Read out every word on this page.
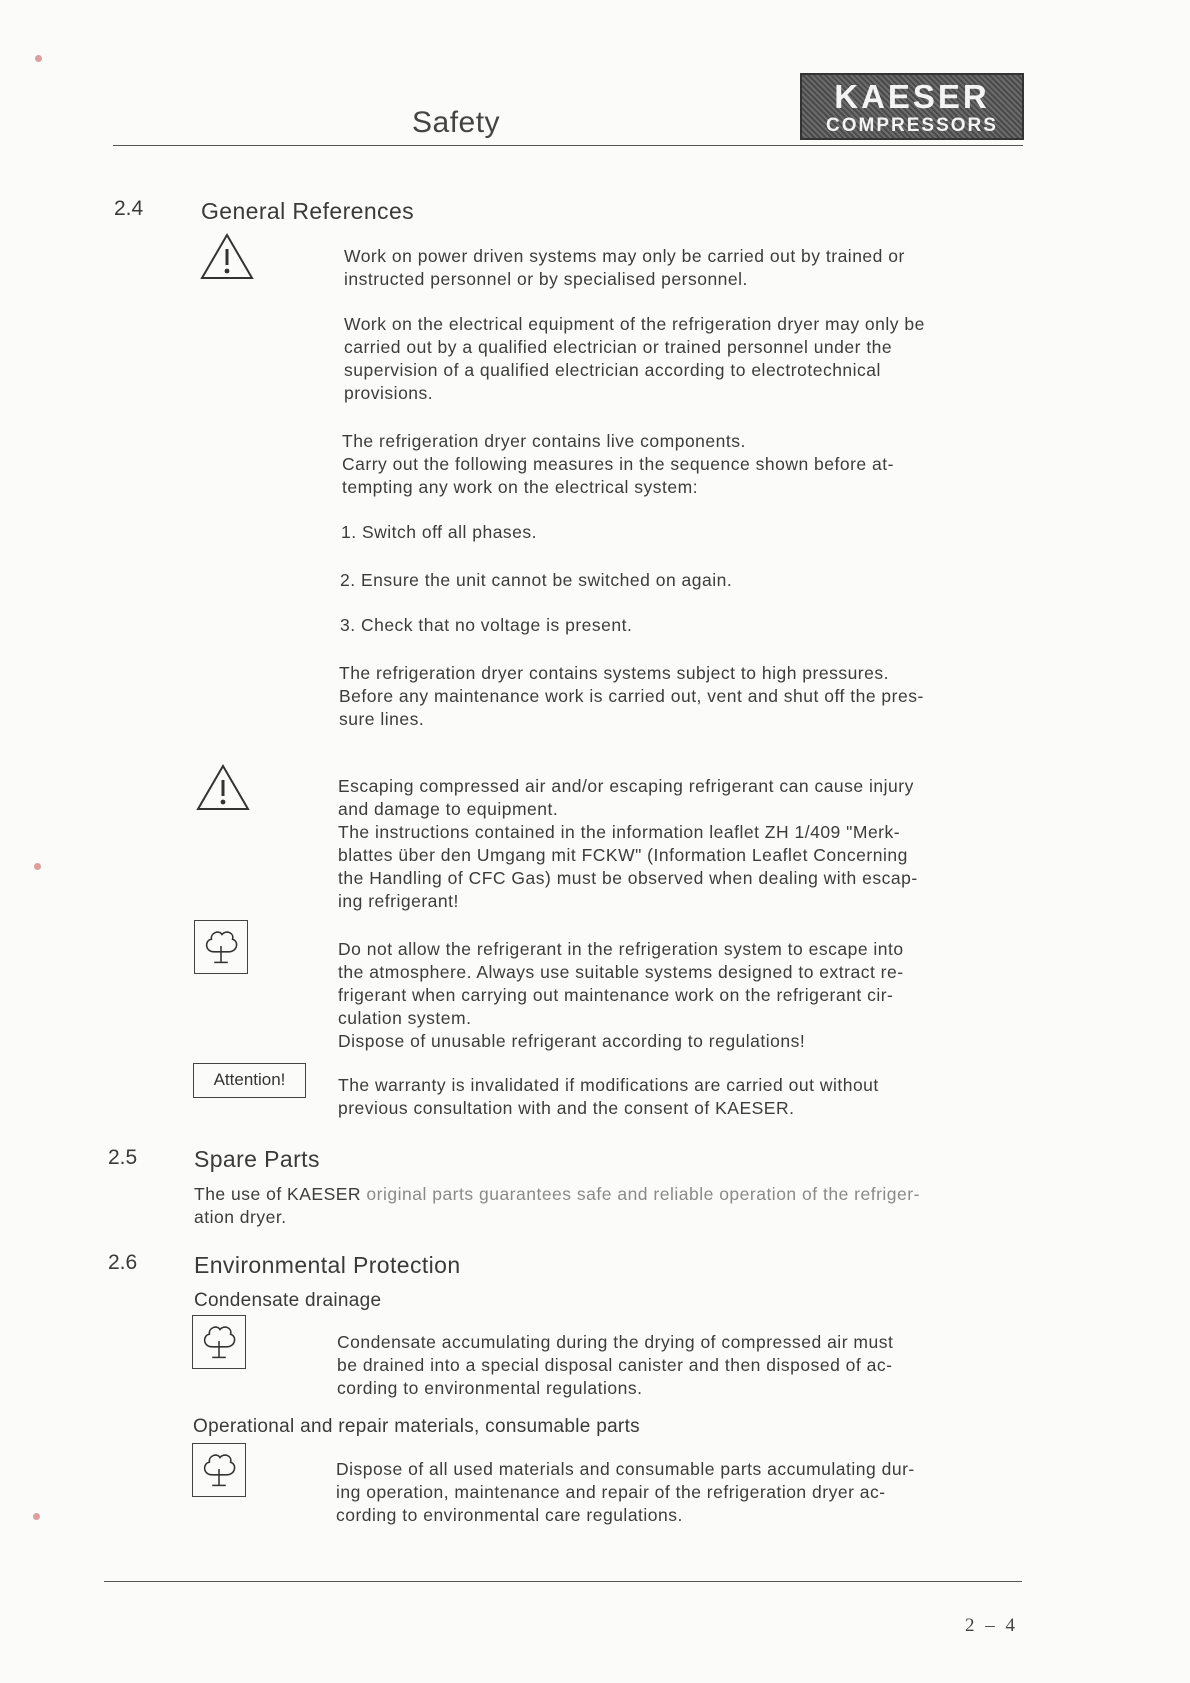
Safety
KAESER
COMPRESSORS
2.4	General References

Work on power driven systems may only be carried out by trained or
instructed personnel or by specialised personnel.

Work on the electrical equipment of the refrigeration dryer may only be
carried out by a qualified electrician or trained personnel under the
supervision of a qualified electrician according to electrotechnical
provisions.

The refrigeration dryer contains live components.
Carry out the following measures in the sequence shown before at-
tempting any work on the electrical system:

1. Switch off all phases.

2. Ensure the unit cannot be switched on again.

3. Check that no voltage is present.

The refrigeration dryer contains systems subject to high pressures.
Before any maintenance work is carried out, vent and shut off the pres-
sure lines.

Escaping compressed air and/or escaping refrigerant can cause injury
and damage to equipment.
The instructions contained in the information leaflet ZH 1/409 "Merk-
blattes über den Umgang mit FCKW" (Information Leaflet Concerning
the Handling of CFC Gas) must be observed when dealing with escap-
ing refrigerant!

Do not allow the refrigerant in the refrigeration system to escape into
the atmosphere. Always use suitable systems designed to extract re-
frigerant when carrying out maintenance work on the refrigerant cir-
culation system.
Dispose of unusable refrigerant according to regulations!

Attention!	The warranty is invalidated if modifications are carried out without
previous consultation with and the consent of KAESER.

2.5 Spare Parts
The use of KAESER original parts guarantees safe and reliable operation of the refriger-

ation dryer.

2.6 Environmental Protection
Condensate drainage

Condensate accumulating during the drying of compressed air must
be drained into a special disposal canister and then disposed of ac-
cording to environmental regulations.

Operational and repair materials, consumable parts

Dispose of all used materials and consumable parts accumulating dur-
ing operation, maintenance and repair of the refrigeration dryer ac-
cording to environmental care regulations.

2 – 4
